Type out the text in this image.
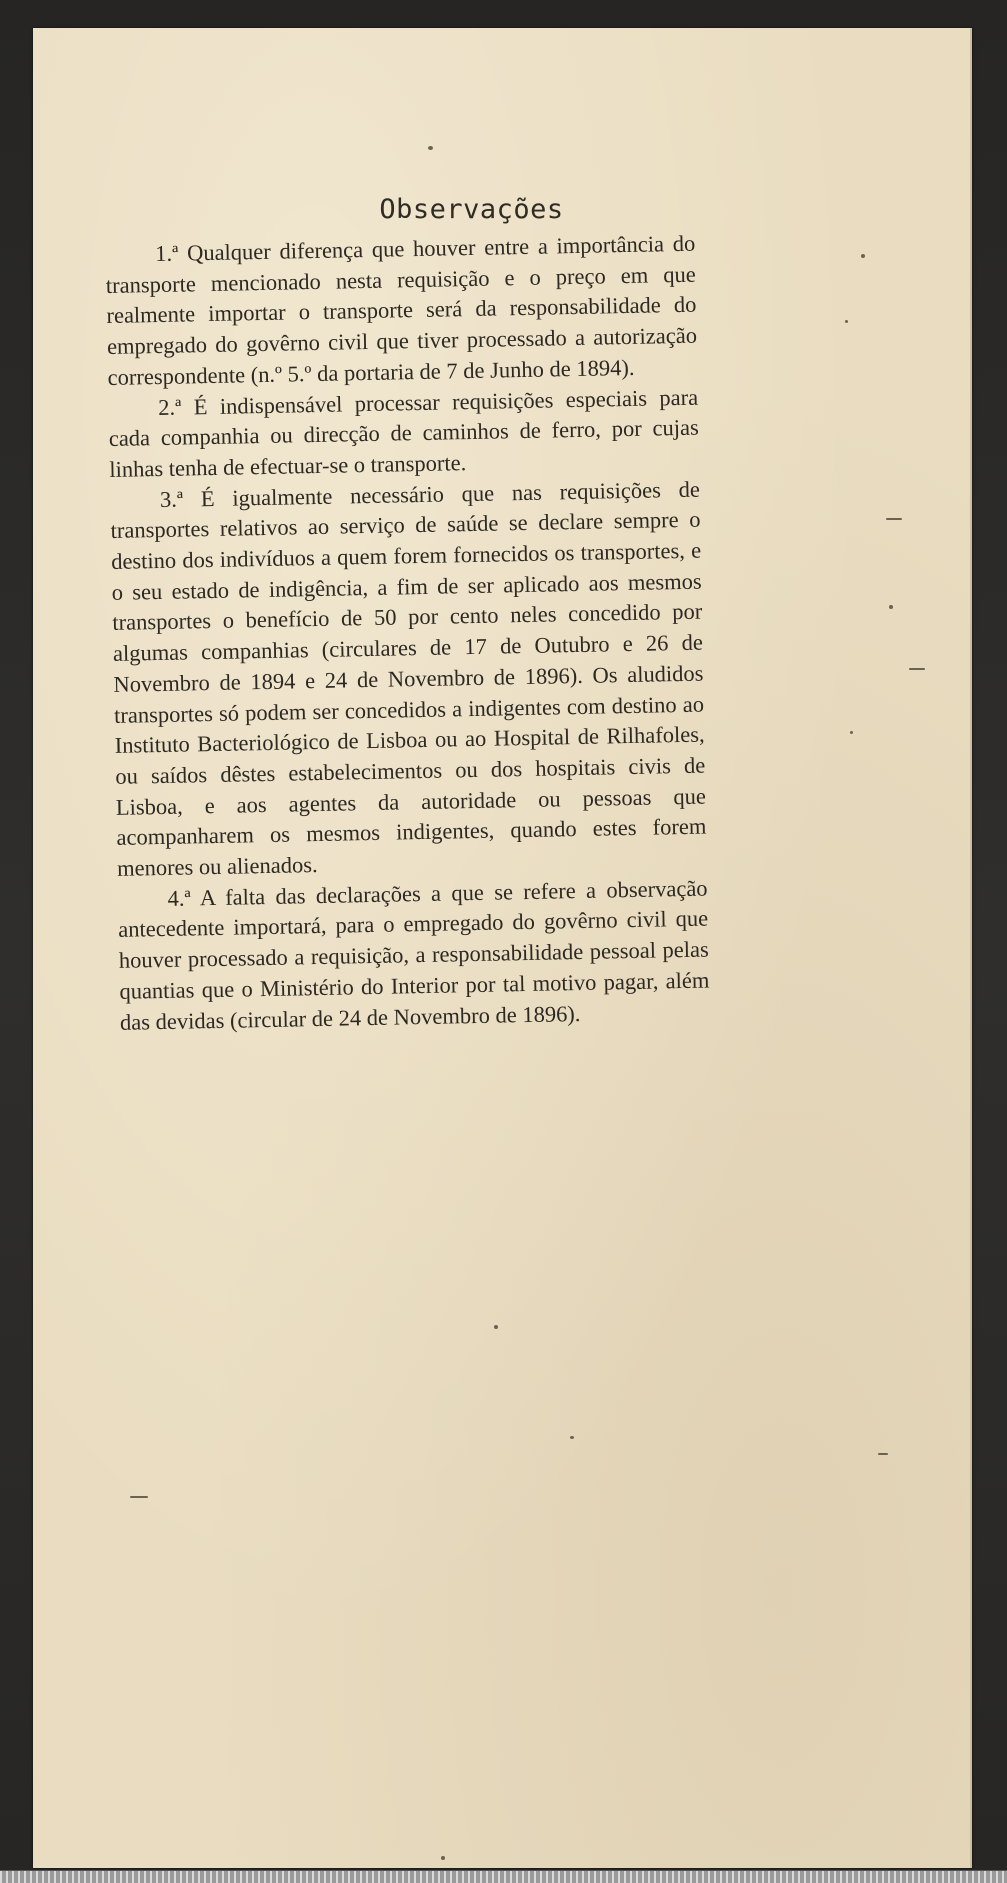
Observações

1.ª Qualquer diferença que houver entre a importância do transporte mencionado nesta requisição e o preço em que realmente importar o transporte será da responsabilidade do empregado do govêrno civil que tiver processado a autorização correspondente (n.º 5.º da portaria de 7 de Junho de 1894).

2.ª É indispensável processar requisições especiais para cada companhia ou direcção de caminhos de ferro, por cujas linhas tenha de efectuar-se o transporte.

3.ª É igualmente necessário que nas requisições de transportes relativos ao serviço de saúde se declare sempre o destino dos indivíduos a quem forem fornecidos os transportes, e o seu estado de indigência, a fim de ser aplicado aos mesmos transportes o benefício de 50 por cento neles concedido por algumas companhias (circulares de 17 de Outubro e 26 de Novembro de 1894 e 24 de Novembro de 1896). Os aludidos transportes só podem ser concedidos a indigentes com destino ao Instituto Bacteriológico de Lisboa ou ao Hospital de Rilhafoles, ou saídos dêstes estabelecimentos ou dos hospitais civis de Lisboa, e aos agentes da autoridade ou pessoas que acompanharem os mesmos indigentes, quando estes forem menores ou alienados.

4.ª A falta das declarações a que se refere a observação antecedente importará, para o empregado do govêrno civil que houver processado a requisição, a responsabilidade pessoal pelas quantias que o Ministério do Interior por tal motivo pagar, além das devidas (circular de 24 de Novembro de 1896).
